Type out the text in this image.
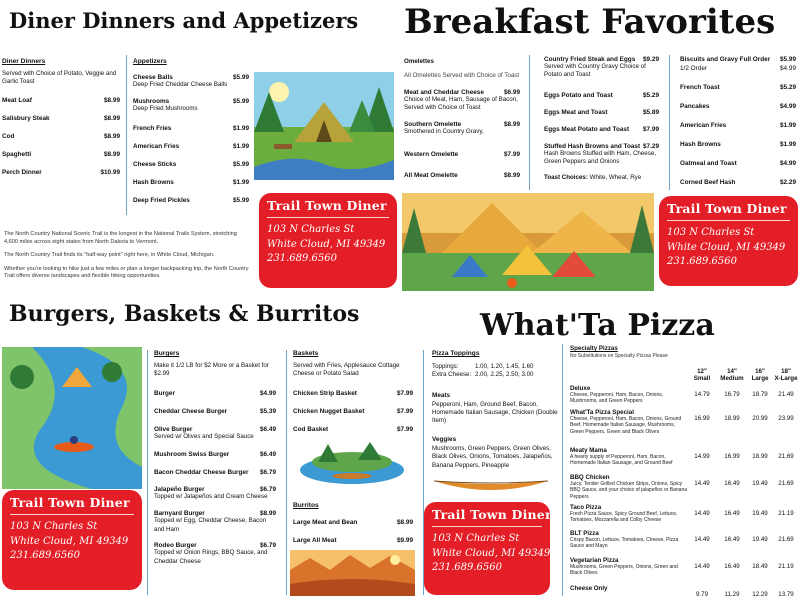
Diner Dinners and Appetizers Breakfast Favorites
Burgers, Baskets & Burritos	What'Ta Pizza
Diner Dinners
Served with Choice of Potato, Veggie and Garlic Toast
Meat Loaf	$8.99
Salisbury Steak	$8.99
Cod	$8.99
Spaghetti	$8.99
Perch Dinner	$10.99
Appetizers
Cheese Balls	$5.99
Deep Fried Cheddar Cheese Balls
Mushrooms	$5.99
Deep Fried Mushrooms
French Fries	$1.99
American Fries	$1.99
Cheese Sticks	$5.99
Hash Browns	$1.99
Deep Fried Pickles	$5.99
The North Country National Scenic Trail is the longest in the National Trails System, stretching 4,600 miles across eight states from North Dakota to Vermont.
The North Country Trail finds its "half-way point" right here, in White Cloud, Michigan.
Whether you're looking to hike just a few miles or plan a longer backpacking trip, the North Country Trail offers diverse landscapes and flexible hiking opportunities.
Trail Town Diner
103 N Charles St
White Cloud, MI 49349
231.689.6560
Omelettes
All Omelettes Served with Choice of Toast
Meat and Cheddar Cheese	$6.99
Choice of Meat, Ham, Sausage of Bacon, Served with Choice of Toast
Southern Omelette	$8.99
Smothered in Country Gravy,
Western Omelette	$7.99
All Meat Omelette	$8.99
Country Fried Steak and Eggs $9.29
Served with Country Gravy Choice of Potato and Toast
Eggs Potato and Toast	$5.29
Eggs Meat and Toast	$5.89
Eggs Meat Potato and Toast $7.99
Stuffed Hash Browns and Toast $7.29
Hash Browns Stuffed with Ham, Cheese, Green Peppers and Onions
Toast Choices: White, Wheat, Rye
Biscuits and Gravy Full Order $5.99
1/2 Order	$4.99
French Toast	$5.29
Pancakes	$4.99
American Fries	$1.99
Hash Browns	$1.99
Oatmeal and Toast	$4.99
Corned Beef Hash	$2.29
Trail Town Diner
103 N Charles St
White Cloud, MI 49349
231.689.6560
Trail Town Diner
103 N Charles St
White Cloud, MI 49349
231.689.6560
Burgers
Make it 1/2 LB for $2 More or a Basket for $2.99
Burger	$4.99
Cheddar Cheese Burger	$5.39
Olive Burger	$6.49
Served w/ Olives and Special Sauce
Mushroom Swiss Burger	$6.49
Bacon Cheddar Cheese Burger $6.79
Jalapeño Burger	$6.79
Topped w/ Jalapeños and Cream Cheese
Barnyard Burger	$8.99
Topped w/ Egg, Cheddar Cheese, Bacon and Ham
Rodeo Burger	$6.79
Topped w/ Onion Rings, BBQ Sauce, and Cheddar Cheese
Baskets
Served with Fries, Applesauce Cottage Cheese or Potato Salad
Chicken Strip Basket	$7.99
Chicken Nugget Basket	$7.99
Cod Basket	$7.99
Burritos
Large Meat and Bean	$8.99
Large All Meat	$9.99
Pizza Toppings
Toppings:	1.00, 1.20, 1.45, 1.60
Extra Cheese: 2.00, 2.25, 2.50, 3.00
Meats
Pepperoni, Ham, Ground Beef, Bacon, Homemade Italian Sausage, Chicken (Double Item)
Veggies
Mushrooms, Green Peppers, Green Olives, Black Olives, Onions, Tomatoes, Jalapeños, Banana Peppers, Pineapple
Trail Town Diner
103 N Charles St
White Cloud, MI 49349
231.689.6560
Specialty Pizzas
No Substitutions on Specialty Pizzas Please
12"
Small
14"
Medium
16"
Large
18"
X-Large
Deluxe
Cheese, Pepperoni, Ham, Bacon, Onions, Mushrooms, and Green Peppers
14.79	16.79	18.79	21.49
What'Ta Pizza Special
Cheese, Pepperoni, Ham, Bacon, Onions, Ground Beef, Homemade Italian Sausage, Mushrooms, Green Peppers, Green and Black Olives
16.99	18.99	20.99	23.99
Meaty Mama
A hearty supply of Pepperoni, Ham, Bacon, Homemade Italian Sausage, and Ground Beef
14.99	16.99	18.99	21.69
BBQ Chicken
Juicy, Tender Grilled Chicken Strips, Onions, Spicy BBQ Sauce, and your choice of jalapeños or Banana Peppers
14.49	16.49	19.49	21.69
Taco Pizza
Fresh Pizza Sauce, Spicy Ground Beef, Lettuce, Tomatoes, Mozzarella and Colby Cheese
14.49	16.49	19.49	21.19
BLT Pizza
Crispy Bacon, Lettuce, Tomatoes, Cheese, Pizza Sauce and Mayo
14.49	16.49	19.49	21.69
Vegetarian Pizza
Mushrooms, Green Peppers, Onions, Green and Black Olives
14.49	16.49	18.49	21.19
Cheese Only
9.79	11.29	12.29	13.79
